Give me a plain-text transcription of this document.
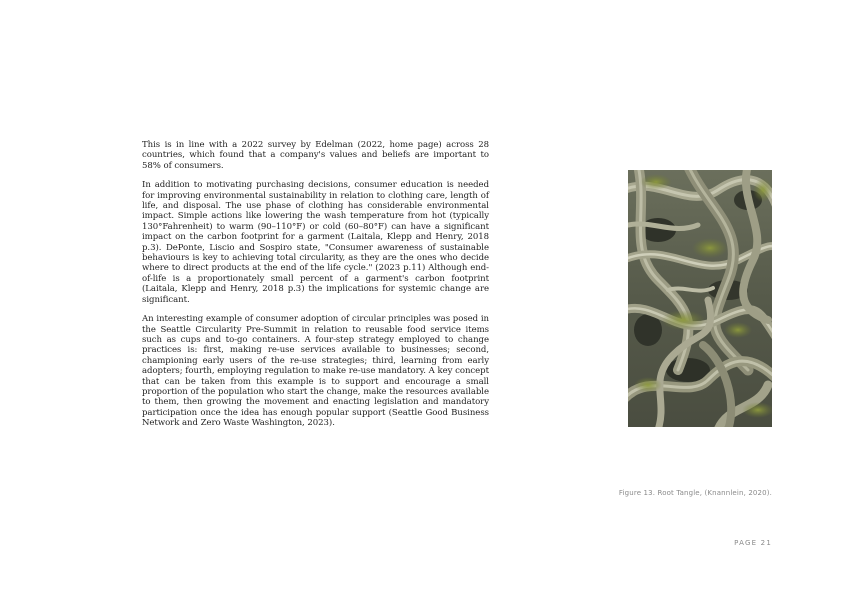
This is in line with a 2022 survey by Edelman (2022, home page) across 28 countries, which found that a company's values and beliefs are important to 58% of consumers.

In addition to motivating purchasing decisions, consumer education is needed for improving environmental sustainability in relation to clothing care, length of life, and disposal. The use phase of clothing has considerable environmental impact. Simple actions like lowering the wash temperature from hot (typically 130°Fahrenheit) to warm (90–110°F) or cold (60–80°F) can have a significant impact on the carbon footprint for a garment (Laitala, Klepp and Henry, 2018 p.3). DePonte, Liscio and Sospiro state, "Consumer awareness of sustainable behaviours is key to achieving total circularity, as they are the ones who decide where to direct products at the end of the life cycle." (2023 p.11) Although end-of-life is a proportionately small percent of a garment's carbon footprint (Laitala, Klepp and Henry, 2018 p.3) the implications for systemic change are significant.

An interesting example of consumer adoption of circular principles was posed in the Seattle Circularity Pre-Summit in relation to reusable food service items such as cups and to-go containers. A four-step strategy employed to change practices is: first, making re-use services available to businesses; second, championing early users of the re-use strategies; third, learning from early adopters; fourth, employing regulation to make re-use mandatory. A key concept that can be taken from this example is to support and encourage a small proportion of the population who start the change, make the resources available to them, then growing the movement and enacting legislation and mandatory participation once the idea has enough popular support (Seattle Good Business Network and Zero Waste Washington, 2023).

Figure 13. Root Tangle, (Knannlein, 2020).
PAGE 21
